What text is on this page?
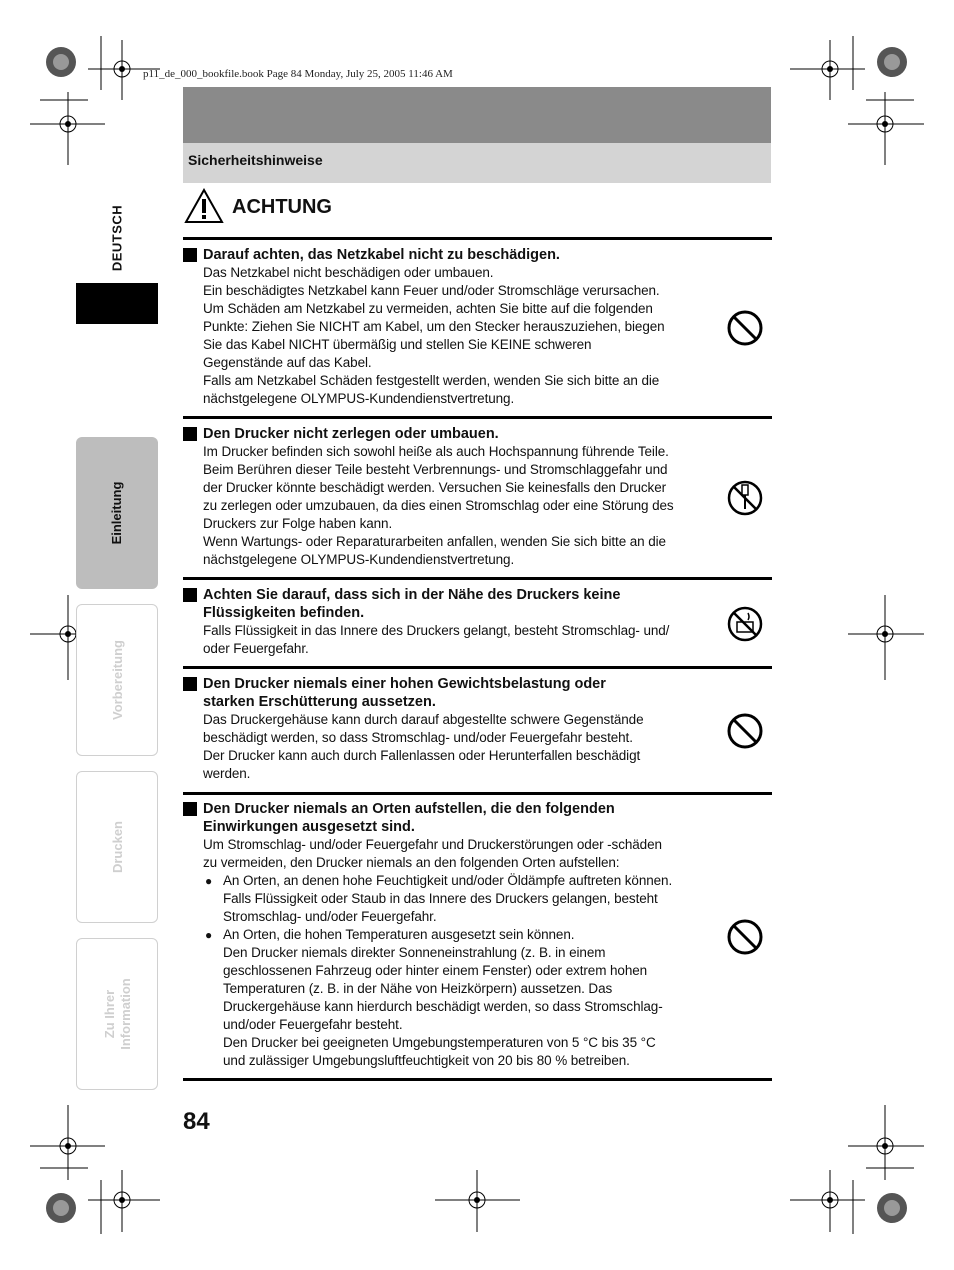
p11_de_000_bookfile.book Page 84 Monday, July 25, 2005 11:46 AM
Sicherheitshinweise
DEUTSCH
Einleitung
Vorbereitung
Drucken
Zu Ihrer
Information
ACHTUNG
Darauf achten, das Netzkabel nicht zu beschädigen.
Das Netzkabel nicht beschädigen oder umbauen.
Ein beschädigtes Netzkabel kann Feuer und/oder Stromschläge verursachen.
Um Schäden am Netzkabel zu vermeiden, achten Sie bitte auf die folgenden
Punkte: Ziehen Sie NICHT am Kabel, um den Stecker herauszuziehen, biegen
Sie das Kabel NICHT übermäßig und stellen Sie KEINE schweren
Gegenstände auf das Kabel.
Falls am Netzkabel Schäden festgestellt werden, wenden Sie sich bitte an die
nächstgelegene OLYMPUS-Kundendienstvertretung.
Den Drucker nicht zerlegen oder umbauen.
Im Drucker befinden sich sowohl heiße als auch Hochspannung führende Teile.
Beim Berühren dieser Teile besteht Verbrennungs- und Stromschlaggefahr und
der Drucker könnte beschädigt werden. Versuchen Sie keinesfalls den Drucker
zu zerlegen oder umzubauen, da dies einen Stromschlag oder eine Störung des
Druckers zur Folge haben kann.
Wenn Wartungs- oder Reparaturarbeiten anfallen, wenden Sie sich bitte an die
nächstgelegene OLYMPUS-Kundendienstvertretung.
Achten Sie darauf, dass sich in der Nähe des Druckers keine
Flüssigkeiten befinden.
Falls Flüssigkeit in das Innere des Druckers gelangt, besteht Stromschlag- und/
oder Feuergefahr.
Den Drucker niemals einer hohen Gewichtsbelastung oder
starken Erschütterung aussetzen.
Das Druckergehäuse kann durch darauf abgestellte schwere Gegenstände
beschädigt werden, so dass Stromschlag- und/oder Feuergefahr besteht.
Der Drucker kann auch durch Fallenlassen oder Herunterfallen beschädigt
werden.
Den Drucker niemals an Orten aufstellen, die den folgenden
Einwirkungen ausgesetzt sind.
Um Stromschlag- und/oder Feuergefahr und Druckerstörungen oder -schäden
zu vermeiden, den Drucker niemals an den folgenden Orten aufstellen:
● An Orten, an denen hohe Feuchtigkeit und/oder Öldämpfe auftreten können.
Falls Flüssigkeit oder Staub in das Innere des Druckers gelangen, besteht
Stromschlag- und/oder Feuergefahr.
● An Orten, die hohen Temperaturen ausgesetzt sein können.
Den Drucker niemals direkter Sonneneinstrahlung (z. B. in einem
geschlossenen Fahrzeug oder hinter einem Fenster) oder extrem hohen
Temperaturen (z. B. in der Nähe von Heizkörpern) aussetzen. Das
Druckergehäuse kann hierdurch beschädigt werden, so dass Stromschlag-
und/oder Feuergefahr besteht.
Den Drucker bei geeigneten Umgebungstemperaturen von 5 °C bis 35 °C
und zulässiger Umgebungsluftfeuchtigkeit von 20 bis 80 % betreiben.
84
